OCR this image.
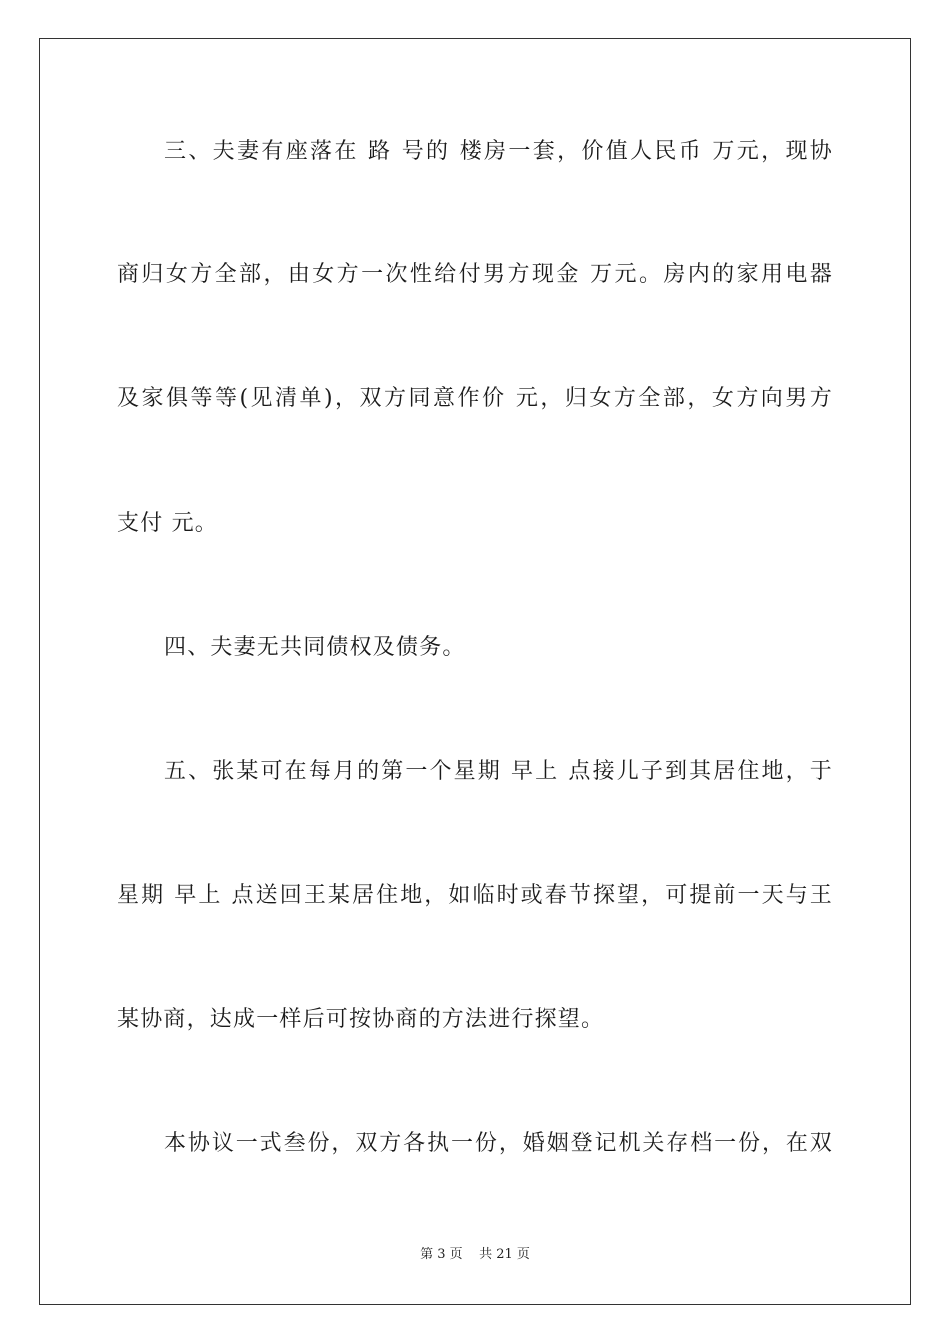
三、夫妻有座落在 路 号的 楼房一套，价值人民币 万元，现协
商归女方全部，由女方一次性给付男方现金 万元。房内的家用电器
及家俱等等(见清单)，双方同意作价 元，归女方全部，女方向男方
支付 元。
四、夫妻无共同债权及债务。
五、张某可在每月的第一个星期 早上 点接儿子到其居住地，于
星期 早上 点送回王某居住地，如临时或春节探望，可提前一天与王
某协商，达成一样后可按协商的方法进行探望。
本协议一式叁份，双方各执一份，婚姻登记机关存档一份，在双
第 3 页    共 21 页
